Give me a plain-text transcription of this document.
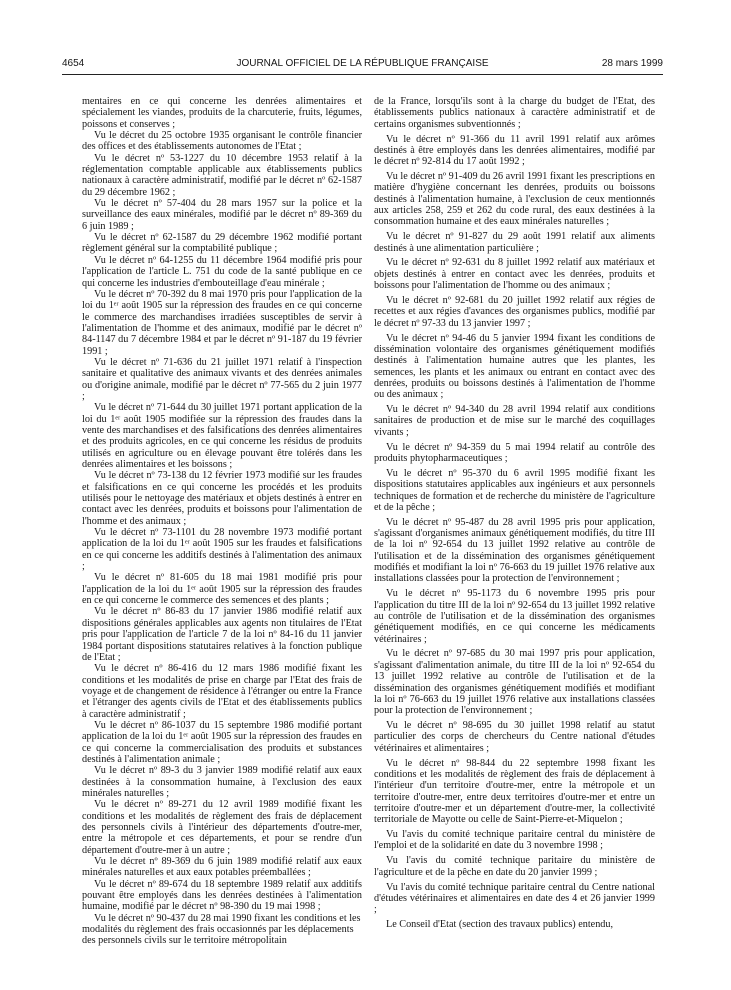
4654	JOURNAL OFFICIEL DE LA RÉPUBLIQUE FRANÇAISE	28 mars 1999

mentaires en ce qui concerne les denrées alimentaires et spécialement les viandes, produits de la charcuterie, fruits, légumes, poissons et conserves ;

Vu le décret du 25 octobre 1935 organisant le contrôle financier des offices et des établissements autonomes de l'Etat ;

Vu le décret nº 53-1227 du 10 décembre 1953 relatif à la réglementation comptable applicable aux établissements publics nationaux à caractère administratif, modifié par le décret nº 62-1587 du 29 décembre 1962 ;

Vu le décret nº 57-404 du 28 mars 1957 sur la police et la surveillance des eaux minérales, modifié par le décret nº 89-369 du 6 juin 1989 ;

Vu le décret nº 62-1587 du 29 décembre 1962 modifié portant règlement général sur la comptabilité publique ;

Vu le décret nº 64-1255 du 11 décembre 1964 modifié pris pour l'application de l'article L. 751 du code de la santé publique en ce qui concerne les industries d'embouteillage d'eau minérale ;

Vu le décret nº 70-392 du 8 mai 1970 pris pour l'application de la loi du 1ᵉʳ août 1905 sur la répression des fraudes en ce qui concerne le commerce des marchandises irradiées susceptibles de servir à l'alimentation de l'homme et des animaux, modifié par le décret nº 84-1147 du 7 décembre 1984 et par le décret nº 91-187 du 19 février 1991 ;

Vu le décret nº 71-636 du 21 juillet 1971 relatif à l'inspection sanitaire et qualitative des animaux vivants et des denrées animales ou d'origine animale, modifié par le décret nº 77-565 du 2 juin 1977 ;

Vu le décret nº 71-644 du 30 juillet 1971 portant application de la loi du 1ᵉʳ août 1905 modifiée sur la répression des fraudes dans la vente des marchandises et des falsifications des denrées alimentaires et des produits agricoles, en ce qui concerne les résidus de produits utilisés en agriculture ou en élevage pouvant être tolérés dans les denrées alimentaires et les boissons ;

Vu le décret nº 73-138 du 12 février 1973 modifié sur les fraudes et falsifications en ce qui concerne les procédés et les produits utilisés pour le nettoyage des matériaux et objets destinés à entrer en contact avec les denrées, produits et boissons pour l'alimentation de l'homme et des animaux ;

Vu le décret nº 73-1101 du 28 novembre 1973 modifié portant application de la loi du 1ᵉʳ août 1905 sur les fraudes et falsifications en ce qui concerne les additifs destinés à l'alimentation des animaux ;

Vu le décret nº 81-605 du 18 mai 1981 modifié pris pour l'application de la loi du 1ᵉʳ août 1905 sur la répression des fraudes en ce qui concerne le commerce des semences et des plants ;

Vu le décret nº 86-83 du 17 janvier 1986 modifié relatif aux dispositions générales applicables aux agents non titulaires de l'Etat pris pour l'application de l'article 7 de la loi nº 84-16 du 11 janvier 1984 portant dispositions statutaires relatives à la fonction publique de l'Etat ;

Vu le décret nº 86-416 du 12 mars 1986 modifié fixant les conditions et les modalités de prise en charge par l'Etat des frais de voyage et de changement de résidence à l'étranger ou entre la France et l'étranger des agents civils de l'Etat et des établissements publics à caractère administratif ;

Vu le décret nº 86-1037 du 15 septembre 1986 modifié portant application de la loi du 1ᵉʳ août 1905 sur la répression des fraudes en ce qui concerne la commercialisation des produits et substances destinés à l'alimentation animale ;

Vu le décret nº 89-3 du 3 janvier 1989 modifié relatif aux eaux destinées à la consommation humaine, à l'exclusion des eaux minérales naturelles ;

Vu le décret nº 89-271 du 12 avril 1989 modifié fixant les conditions et les modalités de règlement des frais de déplacement des personnels civils à l'intérieur des départements d'outre-mer, entre la métropole et ces départements, et pour se rendre d'un département d'outre-mer à un autre ;

Vu le décret nº 89-369 du 6 juin 1989 modifié relatif aux eaux minérales naturelles et aux eaux potables préemballées ;

Vu le décret nº 89-674 du 18 septembre 1989 relatif aux additifs pouvant être employés dans les denrées destinées à l'alimentation humaine, modifié par le décret nº 98-390 du 19 mai 1998 ;

Vu le décret nº 90-437 du 28 mai 1990 fixant les conditions et les modalités du règlement des frais occasionnés par les déplacements des personnels civils sur le territoire métropolitain

de la France, lorsqu'ils sont à la charge du budget de l'Etat, des établissements publics nationaux à caractère administratif et de certains organismes subventionnés ;

Vu le décret nº 91-366 du 11 avril 1991 relatif aux arômes destinés à être employés dans les denrées alimentaires, modifié par le décret nº 92-814 du 17 août 1992 ;

Vu le décret nº 91-409 du 26 avril 1991 fixant les prescriptions en matière d'hygiène concernant les denrées, produits ou boissons destinés à l'alimentation humaine, à l'exclusion de ceux mentionnés aux articles 258, 259 et 262 du code rural, des eaux destinées à la consommation humaine et des eaux minérales naturelles ;

Vu le décret nº 91-827 du 29 août 1991 relatif aux aliments destinés à une alimentation particulière ;

Vu le décret nº 92-631 du 8 juillet 1992 relatif aux matériaux et objets destinés à entrer en contact avec les denrées, produits et boissons pour l'alimentation de l'homme ou des animaux ;

Vu le décret nº 92-681 du 20 juillet 1992 relatif aux régies de recettes et aux régies d'avances des organismes publics, modifié par le décret nº 97-33 du 13 janvier 1997 ;

Vu le décret nº 94-46 du 5 janvier 1994 fixant les conditions de dissémination volontaire des organismes génétiquement modifiés destinés à l'alimentation humaine autres que les plantes, les semences, les plants et les animaux ou entrant en contact avec des denrées, produits ou boissons destinés à l'alimentation de l'homme ou des animaux ;

Vu le décret nº 94-340 du 28 avril 1994 relatif aux conditions sanitaires de production et de mise sur le marché des coquillages vivants ;

Vu le décret nº 94-359 du 5 mai 1994 relatif au contrôle des produits phytopharmaceutiques ;

Vu le décret nº 95-370 du 6 avril 1995 modifié fixant les dispositions statutaires applicables aux ingénieurs et aux personnels techniques de formation et de recherche du ministère de l'agriculture et de la pêche ;

Vu le décret nº 95-487 du 28 avril 1995 pris pour application, s'agissant d'organismes animaux génétiquement modifiés, du titre III de la loi nº 92-654 du 13 juillet 1992 relative au contrôle de l'utilisation et de la dissémination des organismes génétiquement modifiés et modifiant la loi nº 76-663 du 19 juillet 1976 relative aux installations classées pour la protection de l'environnement ;

Vu le décret nº 95-1173 du 6 novembre 1995 pris pour l'application du titre III de la loi nº 92-654 du 13 juillet 1992 relative au contrôle de l'utilisation et de la dissémination des organismes génétiquement modifiés, en ce qui concerne les médicaments vétérinaires ;

Vu le décret nº 97-685 du 30 mai 1997 pris pour application, s'agissant d'alimentation animale, du titre III de la loi nº 92-654 du 13 juillet 1992 relative au contrôle de l'utilisation et de la dissémination des organismes génétiquement modifiés et modifiant la loi nº 76-663 du 19 juillet 1976 relative aux installations classées pour la protection de l'environnement ;

Vu le décret nº 98-695 du 30 juillet 1998 relatif au statut particulier des corps de chercheurs du Centre national d'études vétérinaires et alimentaires ;

Vu le décret nº 98-844 du 22 septembre 1998 fixant les conditions et les modalités de règlement des frais de déplacement à l'intérieur d'un territoire d'outre-mer, entre la métropole et un territoire d'outre-mer, entre deux territoires d'outre-mer et entre un territoire d'outre-mer et un département d'outre-mer, la collectivité territoriale de Mayotte ou celle de Saint-Pierre-et-Miquelon ;

Vu l'avis du comité technique paritaire central du ministère de l'emploi et de la solidarité en date du 3 novembre 1998 ;

Vu l'avis du comité technique paritaire du ministère de l'agriculture et de la pêche en date du 20 janvier 1999 ;

Vu l'avis du comité technique paritaire central du Centre national d'études vétérinaires et alimentaires en date des 4 et 26 janvier 1999 ;

Le Conseil d'Etat (section des travaux publics) entendu,
